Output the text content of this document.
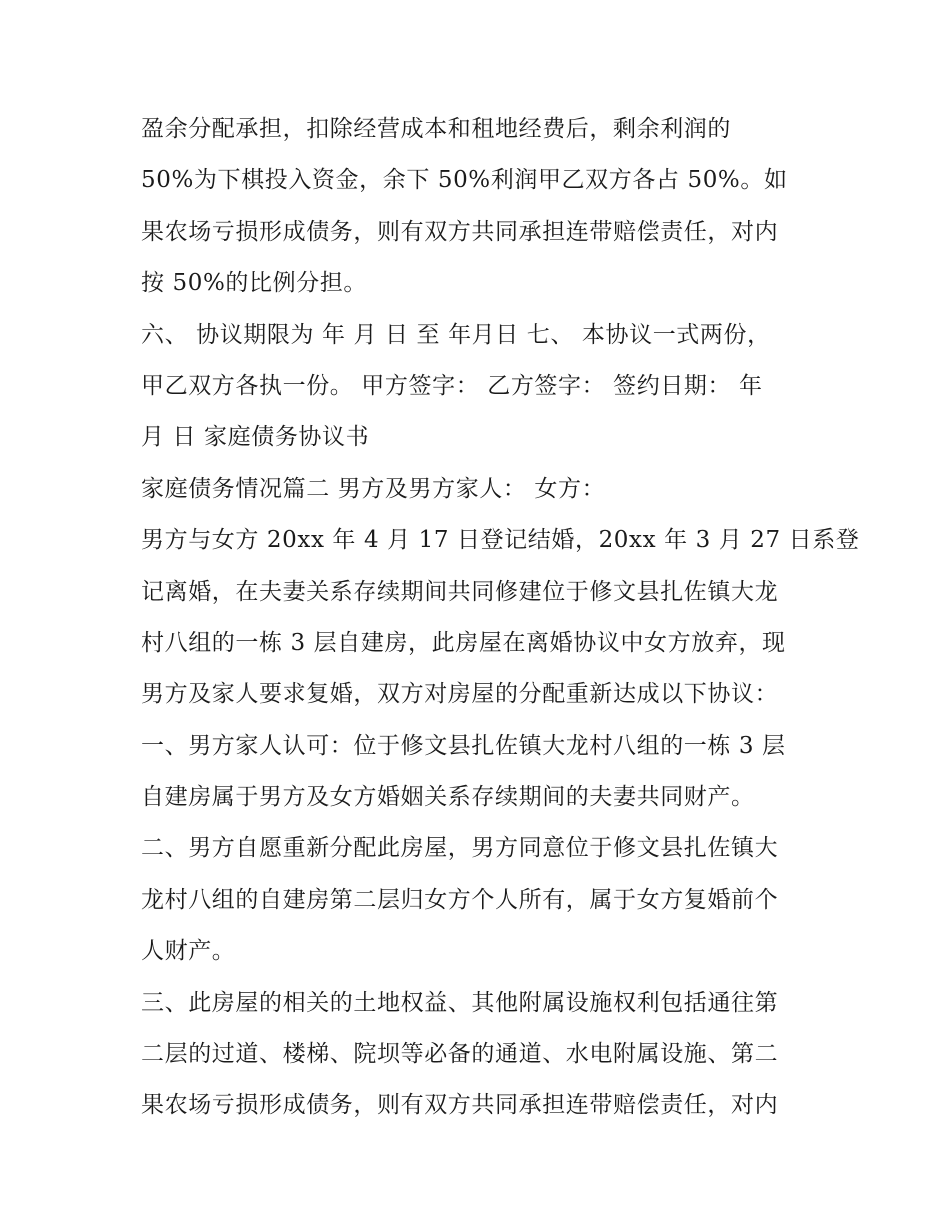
盈余分配承担，扣除经营成本和租地经费后，剩余利润的
50%为下棋投入资金，余下 50%利润甲乙双方各占 50%。如
果农场亏损形成债务，则有双方共同承担连带赔偿责任，对内
按 50%的比例分担。
六、 协议期限为 年 月 日 至 年月日 七、 本协议一式两份，
甲乙双方各执一份。 甲方签字： 乙方签字： 签约日期： 年
月 日 家庭债务协议书
家庭债务情况篇二 男方及男方家人： 女方：
男方与女方 20xx 年 4 月 17 日登记结婚，20xx 年 3 月 27 日系登
记离婚，在夫妻关系存续期间共同修建位于修文县扎佐镇大龙
村八组的一栋 3 层自建房，此房屋在离婚协议中女方放弃，现
男方及家人要求复婚，双方对房屋的分配重新达成以下协议：
一、男方家人认可：位于修文县扎佐镇大龙村八组的一栋 3 层
自建房属于男方及女方婚姻关系存续期间的夫妻共同财产。
二、男方自愿重新分配此房屋，男方同意位于修文县扎佐镇大
龙村八组的自建房第二层归女方个人所有，属于女方复婚前个
人财产。
三、此房屋的相关的土地权益、其他附属设施权利包括通往第
二层的过道、楼梯、院坝等必备的通道、水电附属设施、第二
果农场亏损形成债务，则有双方共同承担连带赔偿责任，对内
